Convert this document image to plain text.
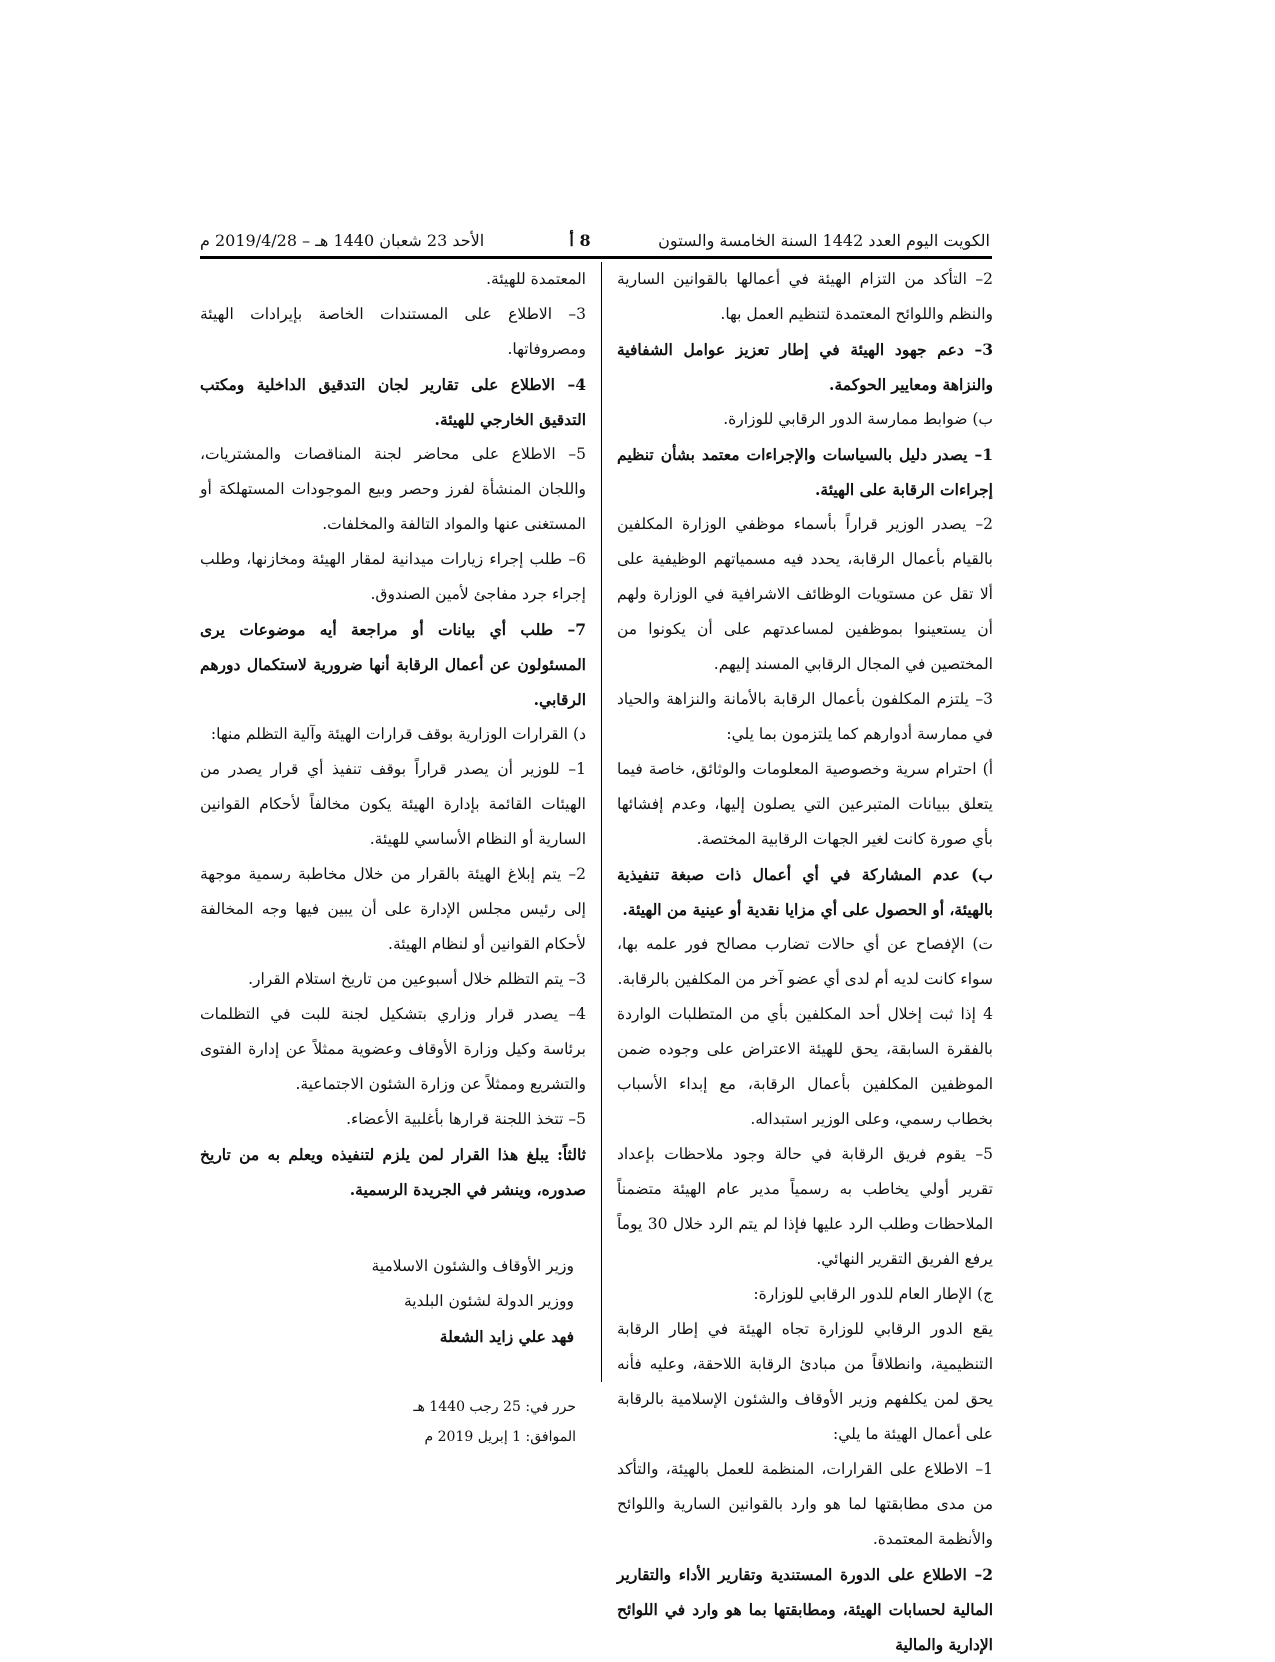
الكويت اليوم العدد 1442 السنة الخامسة والستون
8 أ
الأحد 23 شعبان 1440 هـ – 2019/4/28 م

2– التأكد من التزام الهيئة في أعمالها بالقوانين السارية والنظم واللوائح المعتمدة لتنظيم العمل بها.

3– دعم جهود الهيئة في إطار تعزيز عوامل الشفافية والنزاهة ومعايير الحوكمة.

ب) ضوابط ممارسة الدور الرقابي للوزارة.

1– يصدر دليل بالسياسات والإجراءات معتمد بشأن تنظيم إجراءات الرقابة على الهيئة.

2– يصدر الوزير قراراً بأسماء موظفي الوزارة المكلفين بالقيام بأعمال الرقابة، يحدد فيه مسمياتهم الوظيفية على ألا تقل عن مستويات الوظائف الاشرافية في الوزارة ولهم أن يستعينوا بموظفين لمساعدتهم على أن يكونوا من المختصين في المجال الرقابي المسند إليهم.

3– يلتزم المكلفون بأعمال الرقابة بالأمانة والنزاهة والحياد في ممارسة أدوارهم كما يلتزمون بما يلي:

أ) احترام سرية وخصوصية المعلومات والوثائق، خاصة فيما يتعلق ببيانات المتبرعين التي يصلون إليها، وعدم إفشائها بأي صورة كانت لغير الجهات الرقابية المختصة.

ب) عدم المشاركة في أي أعمال ذات صبغة تنفيذية بالهيئة، أو الحصول على أي مزايا نقدية أو عينية من الهيئة.

ت) الإفصاح عن أي حالات تضارب مصالح فور علمه بها، سواء كانت لديه أم لدى أي عضو آخر من المكلفين بالرقابة.

4 إذا ثبت إخلال أحد المكلفين بأي من المتطلبات الواردة بالفقرة السابقة، يحق للهيئة الاعتراض على وجوده ضمن الموظفين المكلفين بأعمال الرقابة، مع إبداء الأسباب بخطاب رسمي، وعلى الوزير استبداله.

5– يقوم فريق الرقابة في حالة وجود ملاحظات بإعداد تقرير أولي يخاطب به رسمياً مدير عام الهيئة متضمناً الملاحظات وطلب الرد عليها فإذا لم يتم الرد خلال 30 يوماً يرفع الفريق التقرير النهائي.

ج) الإطار العام للدور الرقابي للوزارة:

يقع الدور الرقابي للوزارة تجاه الهيئة في إطار الرقابة التنظيمية، وانطلاقاً من مبادئ الرقابة اللاحقة، وعليه فأنه يحق لمن يكلفهم وزير الأوقاف والشئون الإسلامية بالرقابة على أعمال الهيئة ما يلي:

1– الاطلاع على القرارات، المنظمة للعمل بالهيئة، والتأكد من مدى مطابقتها لما هو وارد بالقوانين السارية واللوائح والأنظمة المعتمدة.

2– الاطلاع على الدورة المستندية وتقارير الأداء والتقارير المالية لحسابات الهيئة، ومطابقتها بما هو وارد في اللوائح الإدارية والمالية

المعتمدة للهيئة.

3– الاطلاع على المستندات الخاصة بإيرادات الهيئة ومصروفاتها.

4– الاطلاع على تقارير لجان التدقيق الداخلية ومكتب التدقيق الخارجي للهيئة.

5– الاطلاع على محاضر لجنة المناقصات والمشتريات، واللجان المنشأة لفرز وحصر وبيع الموجودات المستهلكة أو المستغنى عنها والمواد التالفة والمخلفات.

6– طلب إجراء زيارات ميدانية لمقار الهيئة ومخازنها، وطلب إجراء جرد مفاجئ لأمين الصندوق.

7– طلب أي بيانات أو مراجعة أيه موضوعات يرى المسئولون عن أعمال الرقابة أنها ضرورية لاستكمال دورهم الرقابي.

د) القرارات الوزارية بوقف قرارات الهيئة وآلية التظلم منها:

1– للوزير أن يصدر قراراً بوقف تنفيذ أي قرار يصدر من الهيئات القائمة بإدارة الهيئة يكون مخالفاً لأحكام القوانين السارية أو النظام الأساسي للهيئة.

2– يتم إبلاغ الهيئة بالقرار من خلال مخاطبة رسمية موجهة إلى رئيس مجلس الإدارة على أن يبين فيها وجه المخالفة لأحكام القوانين أو لنظام الهيئة.

3– يتم التظلم خلال أسبوعين من تاريخ استلام القرار.

4– يصدر قرار وزاري بتشكيل لجنة للبت في التظلمات برئاسة وكيل وزارة الأوقاف وعضوية ممثلاً عن إدارة الفتوى والتشريع وممثلاً عن وزارة الشئون الاجتماعية.

5– تتخذ اللجنة قرارها بأغلبية الأعضاء.

ثالثاً: يبلغ هذا القرار لمن يلزم لتنفيذه ويعلم به من تاريخ صدوره، وينشر في الجريدة الرسمية.

وزير الأوقاف والشئون الاسلامية

ووزير الدولة لشئون البلدية

فهد علي زايد الشعلة

حرر في: 25 رجب 1440 هـ

الموافق: 1 إبريل 2019 م
